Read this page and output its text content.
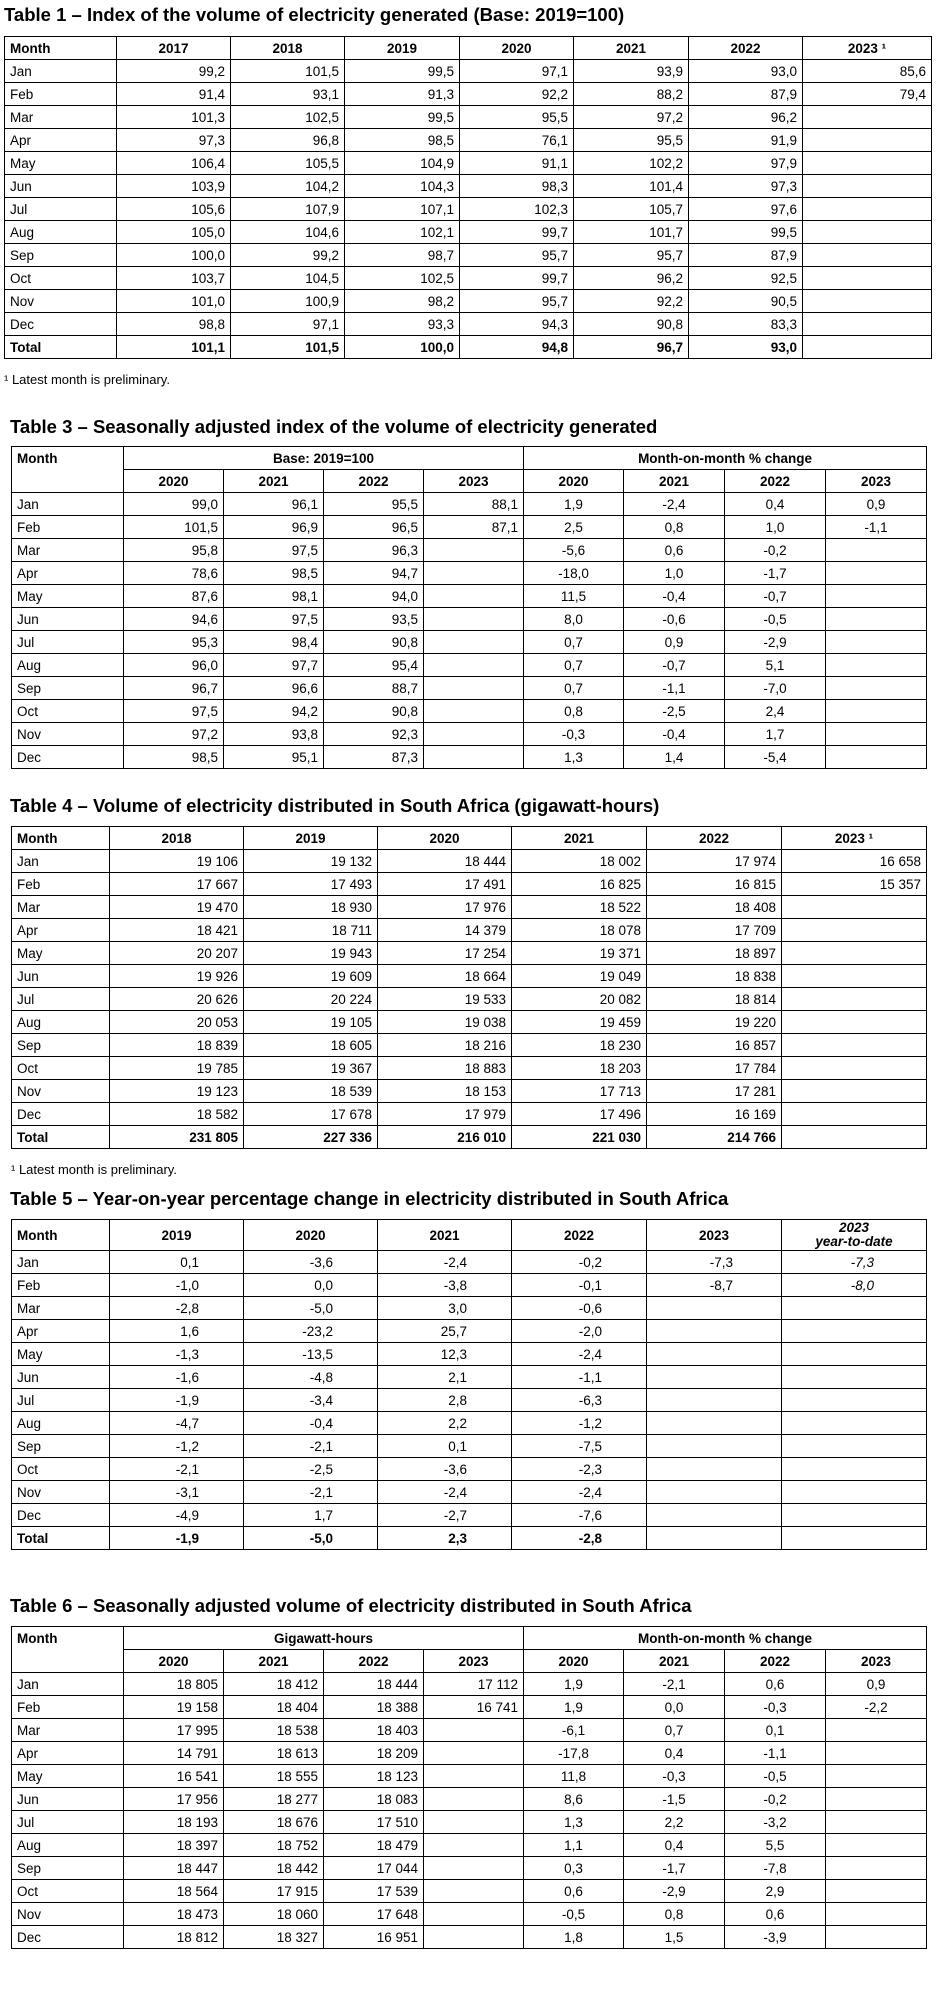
Table 1 – Index of the volume of electricity generated (Base: 2019=100)
Month	2017	2018	2019	2020	2021	2022	2023 ¹
Jan	99,2	101,5	99,5	97,1	93,9	93,0	85,6
Feb	91,4	93,1	91,3	92,2	88,2	87,9	79,4
Mar	101,3	102,5	99,5	95,5	97,2	96,2	
Apr	97,3	96,8	98,5	76,1	95,5	91,9	
May	106,4	105,5	104,9	91,1	102,2	97,9	
Jun	103,9	104,2	104,3	98,3	101,4	97,3	
Jul	105,6	107,9	107,1	102,3	105,7	97,6	
Aug	105,0	104,6	102,1	99,7	101,7	99,5	
Sep	100,0	99,2	98,7	95,7	95,7	87,9	
Oct	103,7	104,5	102,5	99,7	96,2	92,5	
Nov	101,0	100,9	98,2	95,7	92,2	90,5	
Dec	98,8	97,1	93,3	94,3	90,8	83,3	
Total	101,1	101,5	100,0	94,8	96,7	93,0	
¹ Latest month is preliminary.
Table 3 – Seasonally adjusted index of the volume of electricity generated
Month	Base: 2019=100				Month-on-month % change			
	2020	2021	2022	2023	2020	2021	2022	2023
Jan	99,0	96,1	95,5	88,1	1,9	-2,4	0,4	0,9
Feb	101,5	96,9	96,5	87,1	2,5	0,8	1,0	-1,1
Mar	95,8	97,5	96,3		-5,6	0,6	-0,2	
Apr	78,6	98,5	94,7		-18,0	1,0	-1,7	
May	87,6	98,1	94,0		11,5	-0,4	-0,7	
Jun	94,6	97,5	93,5		8,0	-0,6	-0,5	
Jul	95,3	98,4	90,8		0,7	0,9	-2,9	
Aug	96,0	97,7	95,4		0,7	-0,7	5,1	
Sep	96,7	96,6	88,7		0,7	-1,1	-7,0	
Oct	97,5	94,2	90,8		0,8	-2,5	2,4	
Nov	97,2	93,8	92,3		-0,3	-0,4	1,7	
Dec	98,5	95,1	87,3		1,3	1,4	-5,4	
Table 4 – Volume of electricity distributed in South Africa (gigawatt-hours)
Month	2018	2019	2020	2021	2022	2023 ¹
Jan	19 106	19 132	18 444	18 002	17 974	16 658
Feb	17 667	17 493	17 491	16 825	16 815	15 357
Mar	19 470	18 930	17 976	18 522	18 408	
Apr	18 421	18 711	14 379	18 078	17 709	
May	20 207	19 943	17 254	19 371	18 897	
Jun	19 926	19 609	18 664	19 049	18 838	
Jul	20 626	20 224	19 533	20 082	18 814	
Aug	20 053	19 105	19 038	19 459	19 220	
Sep	18 839	18 605	18 216	18 230	16 857	
Oct	19 785	19 367	18 883	18 203	17 784	
Nov	19 123	18 539	18 153	17 713	17 281	
Dec	18 582	17 678	17 979	17 496	16 169	
Total	231 805	227 336	216 010	221 030	214 766	
¹ Latest month is preliminary.
Table 5 – Year-on-year percentage change in electricity distributed in South Africa
Month	2019	2020	2021	2022	2023	2023
year-to-date

Jan	0,1	-3,6	-2,4	-0,2	-7,3	-7,3
Feb	-1,0	0,0	-3,8	-0,1	-8,7	-8,0
Mar	-2,8	-5,0	3,0	-0,6		
Apr	1,6	-23,2	25,7	-2,0		
May	-1,3	-13,5	12,3	-2,4		
Jun	-1,6	-4,8	2,1	-1,1		
Jul	-1,9	-3,4	2,8	-6,3		
Aug	-4,7	-0,4	2,2	-1,2		
Sep	-1,2	-2,1	0,1	-7,5		
Oct	-2,1	-2,5	-3,6	-2,3		
Nov	-3,1	-2,1	-2,4	-2,4		
Dec	-4,9	1,7	-2,7	-7,6		
Total	-1,9	-5,0	2,3	-2,8		
Table 6 – Seasonally adjusted volume of electricity distributed in South Africa
Month	Gigawatt-hours				Month-on-month % change			
	2020	2021	2022	2023	2020	2021	2022	2023
Jan	18 805	18 412	18 444	17 112	1,9	-2,1	0,6	0,9
Feb	19 158	18 404	18 388	16 741	1,9	0,0	-0,3	-2,2
Mar	17 995	18 538	18 403		-6,1	0,7	0,1	
Apr	14 791	18 613	18 209		-17,8	0,4	-1,1	
May	16 541	18 555	18 123		11,8	-0,3	-0,5	
Jun	17 956	18 277	18 083		8,6	-1,5	-0,2	
Jul	18 193	18 676	17 510		1,3	2,2	-3,2	
Aug	18 397	18 752	18 479		1,1	0,4	5,5	
Sep	18 447	18 442	17 044		0,3	-1,7	-7,8	
Oct	18 564	17 915	17 539		0,6	-2,9	2,9	
Nov	18 473	18 060	17 648		-0,5	0,8	0,6	
Dec	18 812	18 327	16 951		1,8	1,5	-3,9	
